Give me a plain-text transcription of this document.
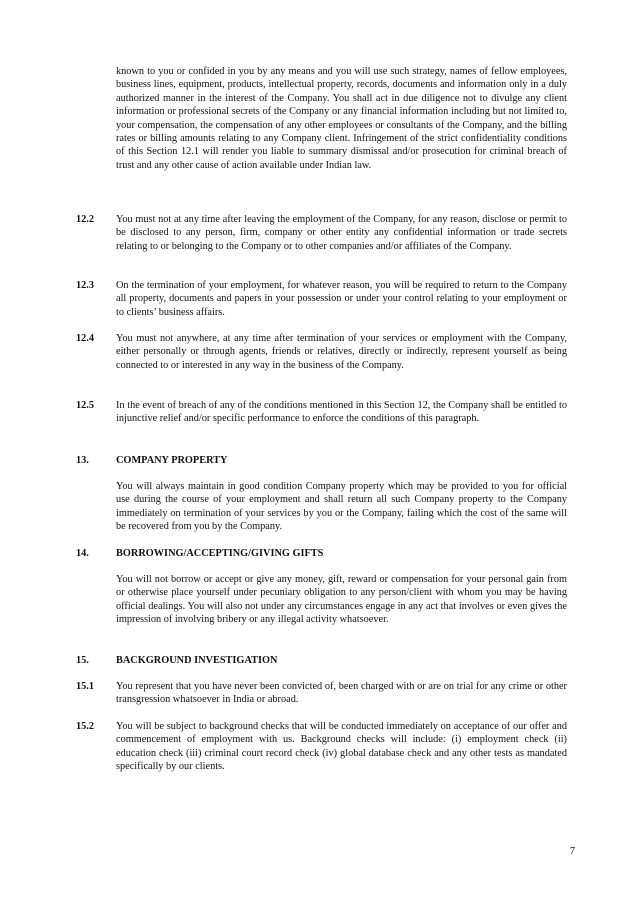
known to you or confided in you by any means and you will use such strategy, names of fellow employees, business lines, equipment, products, intellectual property, records, documents and information only in a duly authorized manner in the interest of the Company. You shall act in due diligence not to divulge any client information or professional secrets of the Company or any financial information including but not limited to, your compensation, the compensation of any other employees or consultants of the Company, and the billing rates or billing amounts relating to any Company client. Infringement of the strict confidentiality conditions of this Section 12.1 will render you liable to summary dismissal and/or prosecution for criminal breach of trust and any other cause of action available under Indian law.
12.2	You must not at any time after leaving the employment of the Company, for any reason, disclose or permit to be disclosed to any person, firm, company or other entity any confidential information or trade secrets relating to or belonging to the Company or to other companies and/or affiliates of the Company.
12.3	On the termination of your employment, for whatever reason, you will be required to return to the Company all property, documents and papers in your possession or under your control relating to your employment or to clients’ business affairs.
12.4	You must not anywhere, at any time after termination of your services or employment with the Company, either personally or through agents, friends or relatives, directly or indirectly, represent yourself as being connected to or interested in any way in the business of the Company.
12.5	In the event of breach of any of the conditions mentioned in this Section 12, the Company shall be entitled to injunctive relief and/or specific performance to enforce the conditions of this paragraph.
13.	COMPANY PROPERTY
You will always maintain in good condition Company property which may be provided to you for official use during the course of your employment and shall return all such Company property to the Company immediately on termination of your services by you or the Company, failing which the cost of the same will be recovered from you by the Company.
14.	BORROWING/ACCEPTING/GIVING GIFTS
You will not borrow or accept or give any money, gift, reward or compensation for your personal gain from or otherwise place yourself under pecuniary obligation to any person/client with whom you may be having official dealings. You will also not under any circumstances engage in any act that involves or even gives the impression of involving bribery or any illegal activity whatsoever.
15.	BACKGROUND INVESTIGATION
15.1	You represent that you have never been convicted of, been charged with or are on trial for any crime or other transgression whatsoever in India or abroad.
15.2	You will be subject to background checks that will be conducted immediately on acceptance of our offer and commencement of employment with us. Background checks will include: (i) employment check (ii) education check (iii) criminal court record check (iv) global database check and any other tests as mandated specifically by our clients.
7
